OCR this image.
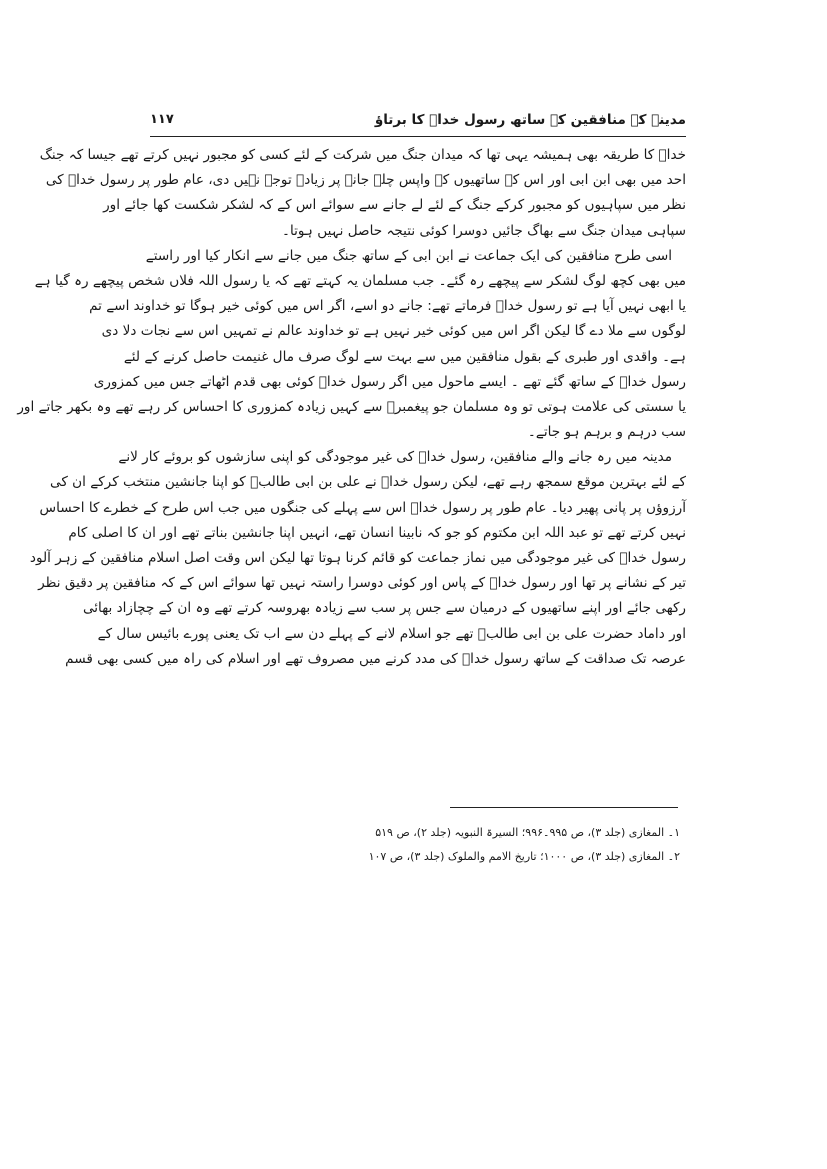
مدینہ کے منافقین کے ساتھ رسول خداؐ کا برتاؤ
۱۱۷
خداؐ کا طریقہ بھی ہمیشہ یہی تھا کہ میدان جنگ میں شرکت کے لئے کسی کو مجبور نہیں کرتے تھے جیسا کہ جنگ
احد میں بھی ابن ابی اور اس کے ساتھیوں کے واپس چلے جانے پر زیادہ توجہ نہیں دی، عام طور پر رسول خداؐ کی
نظر میں سپاہیوں کو مجبور کرکے جنگ کے لئے لے جانے سے سوائے اس کے کہ لشکر شکست کھا جائے اور
سپاہی میدان جنگ سے بھاگ جائیں دوسرا کوئی نتیجہ حاصل نہیں ہوتا۔
اسی طرح منافقین کی ایک جماعت نے ابن ابی کے ساتھ جنگ میں جانے سے انکار کیا اور راستے
میں بھی کچھ لوگ لشکر سے پیچھے رہ گئے۔ جب مسلمان یہ کہتے تھے کہ یا رسول اللہ فلاں شخص پیچھے رہ گیا ہے
یا ابھی نہیں آیا ہے تو رسول خداؐ فرماتے تھے: جانے دو اسے، اگر اس میں کوئی خیر ہوگا تو خداوند اسے تم
لوگوں سے ملا دے گا لیکن اگر اس میں کوئی خیر نہیں ہے تو خداوند عالم نے تمہیں اس سے نجات دلا دی
ہے۔ واقدی اور طبری کے بقول منافقین میں سے بہت سے لوگ صرف مال غنیمت حاصل کرنے کے لئے
رسول خداؐ کے ساتھ گئے تھے ۔ ایسے ماحول میں اگر رسول خداؐ کوئی بھی قدم اٹھاتے جس میں کمزوری
یا سستی کی علامت ہوتی تو وہ مسلمان جو پیغمبرؐ سے کہیں زیادہ کمزوری کا احساس کر رہے تھے وہ بکھر جاتے اور
سب درہم و برہم ہو جاتے۔
مدینہ میں رہ جانے والے منافقین، رسول خداؐ کی غیر موجودگی کو اپنی سازشوں کو بروئے کار لانے
کے لئے بہترین موقع سمجھ رہے تھے، لیکن رسول خداؐ نے علی بن ابی طالبؑ کو اپنا جانشین منتخب کرکے ان کی
آرزوؤں پر پانی پھیر دیا۔ عام طور پر رسول خداؐ اس سے پہلے کی جنگوں میں جب اس طرح کے خطرے کا احساس
نہیں کرتے تھے تو عبد اللہ ابن مکتوم کو جو کہ نابینا انسان تھے، انہیں اپنا جانشین بناتے تھے اور ان کا اصلی کام
رسول خداؐ کی غیر موجودگی میں نماز جماعت کو قائم کرنا ہوتا تھا لیکن اس وقت اصل اسلام منافقین کے زہر آلود
تیر کے نشانے پر تھا اور رسول خداؐ کے پاس اور کوئی دوسرا راستہ نہیں تھا سوائے اس کے کہ منافقین پر دقیق نظر
رکھی جائے اور اپنے ساتھیوں کے درمیان سے جس پر سب سے زیادہ بھروسہ کرتے تھے وہ ان کے چچازاد بھائی
اور داماد حضرت علی بن ابی طالبؑ تھے جو اسلام لانے کے پہلے دن سے اب تک یعنی پورے بائیس سال کے
عرصہ تک صداقت کے ساتھ رسول خداؐ کی مدد کرنے میں مصروف تھے اور اسلام کی راہ میں کسی بھی قسم
۱۔ المغازی (جلد ۳)، ص ۹۹۵۔۹۹۶؛ السیرۃ النبویہ (جلد ۲)، ص ۵۱۹
۲۔ المغازی (جلد ۳)، ص ۱۰۰۰؛ تاریخ الامم والملوک (جلد ۳)، ص ۱۰۷
